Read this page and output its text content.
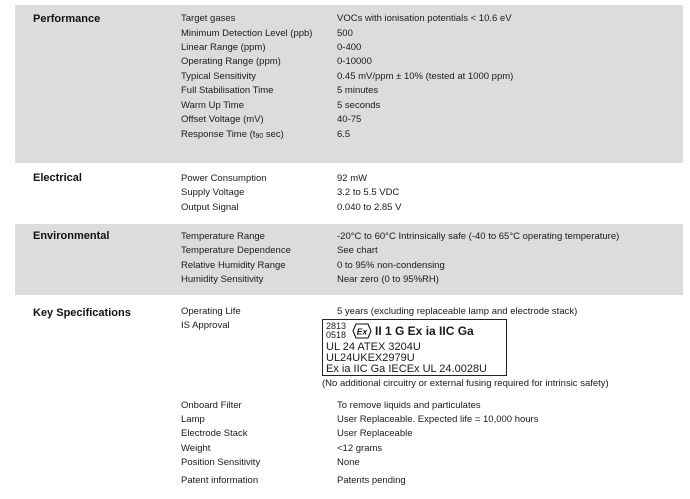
Performance	Target gases	VOCs with ionisation potentials < 10.6 eV
Minimum Detection Level (ppb)	500
Linear Range (ppm)	0-400
Operating Range (ppm)	0-10000
Typical Sensitivity	0.45 mV/ppm ± 10% (tested at 1000 ppm)
Full Stabilisation Time	5 minutes
Warm Up Time	5 seconds
Offset Voltage (mV)	40-75
Response Time ($t_{90}$ sec)	6.5
Electrical	Power Consumption	92 mW
Supply Voltage	3.2 to 5.5 VDC
Output Signal	0.040 to 2.85 V
Environmental	Temperature Range	-20°C to 60°C Intrinsically safe (-40 to 65°C operating temperature)
Temperature Dependence	See chart
Relative Humidity Range	0 to 95% non-condensing
Humidity Sensitivity	Near zero (0 to 95%RH)
Key Specifications	Operating Life	5 years (excluding replaceable lamp and electrode stack)
IS Approval	2813
0518 Ex II 1 G Ex ia IIC Ga
UL 24 ATEX 3204U
UL24UKEX2979U
Ex ia IIC Ga IECEx UL 24.0028U
(No additional circuitry or external fusing required for intrinsic safety)
Onboard Filter	To remove liquids and particulates
Lamp	User Replaceable. Expected life = 10,000 hours
Electrode Stack	User Replaceable
Weight	<12 grams
Position Sensitivity	None
Patent information	Patents pending
